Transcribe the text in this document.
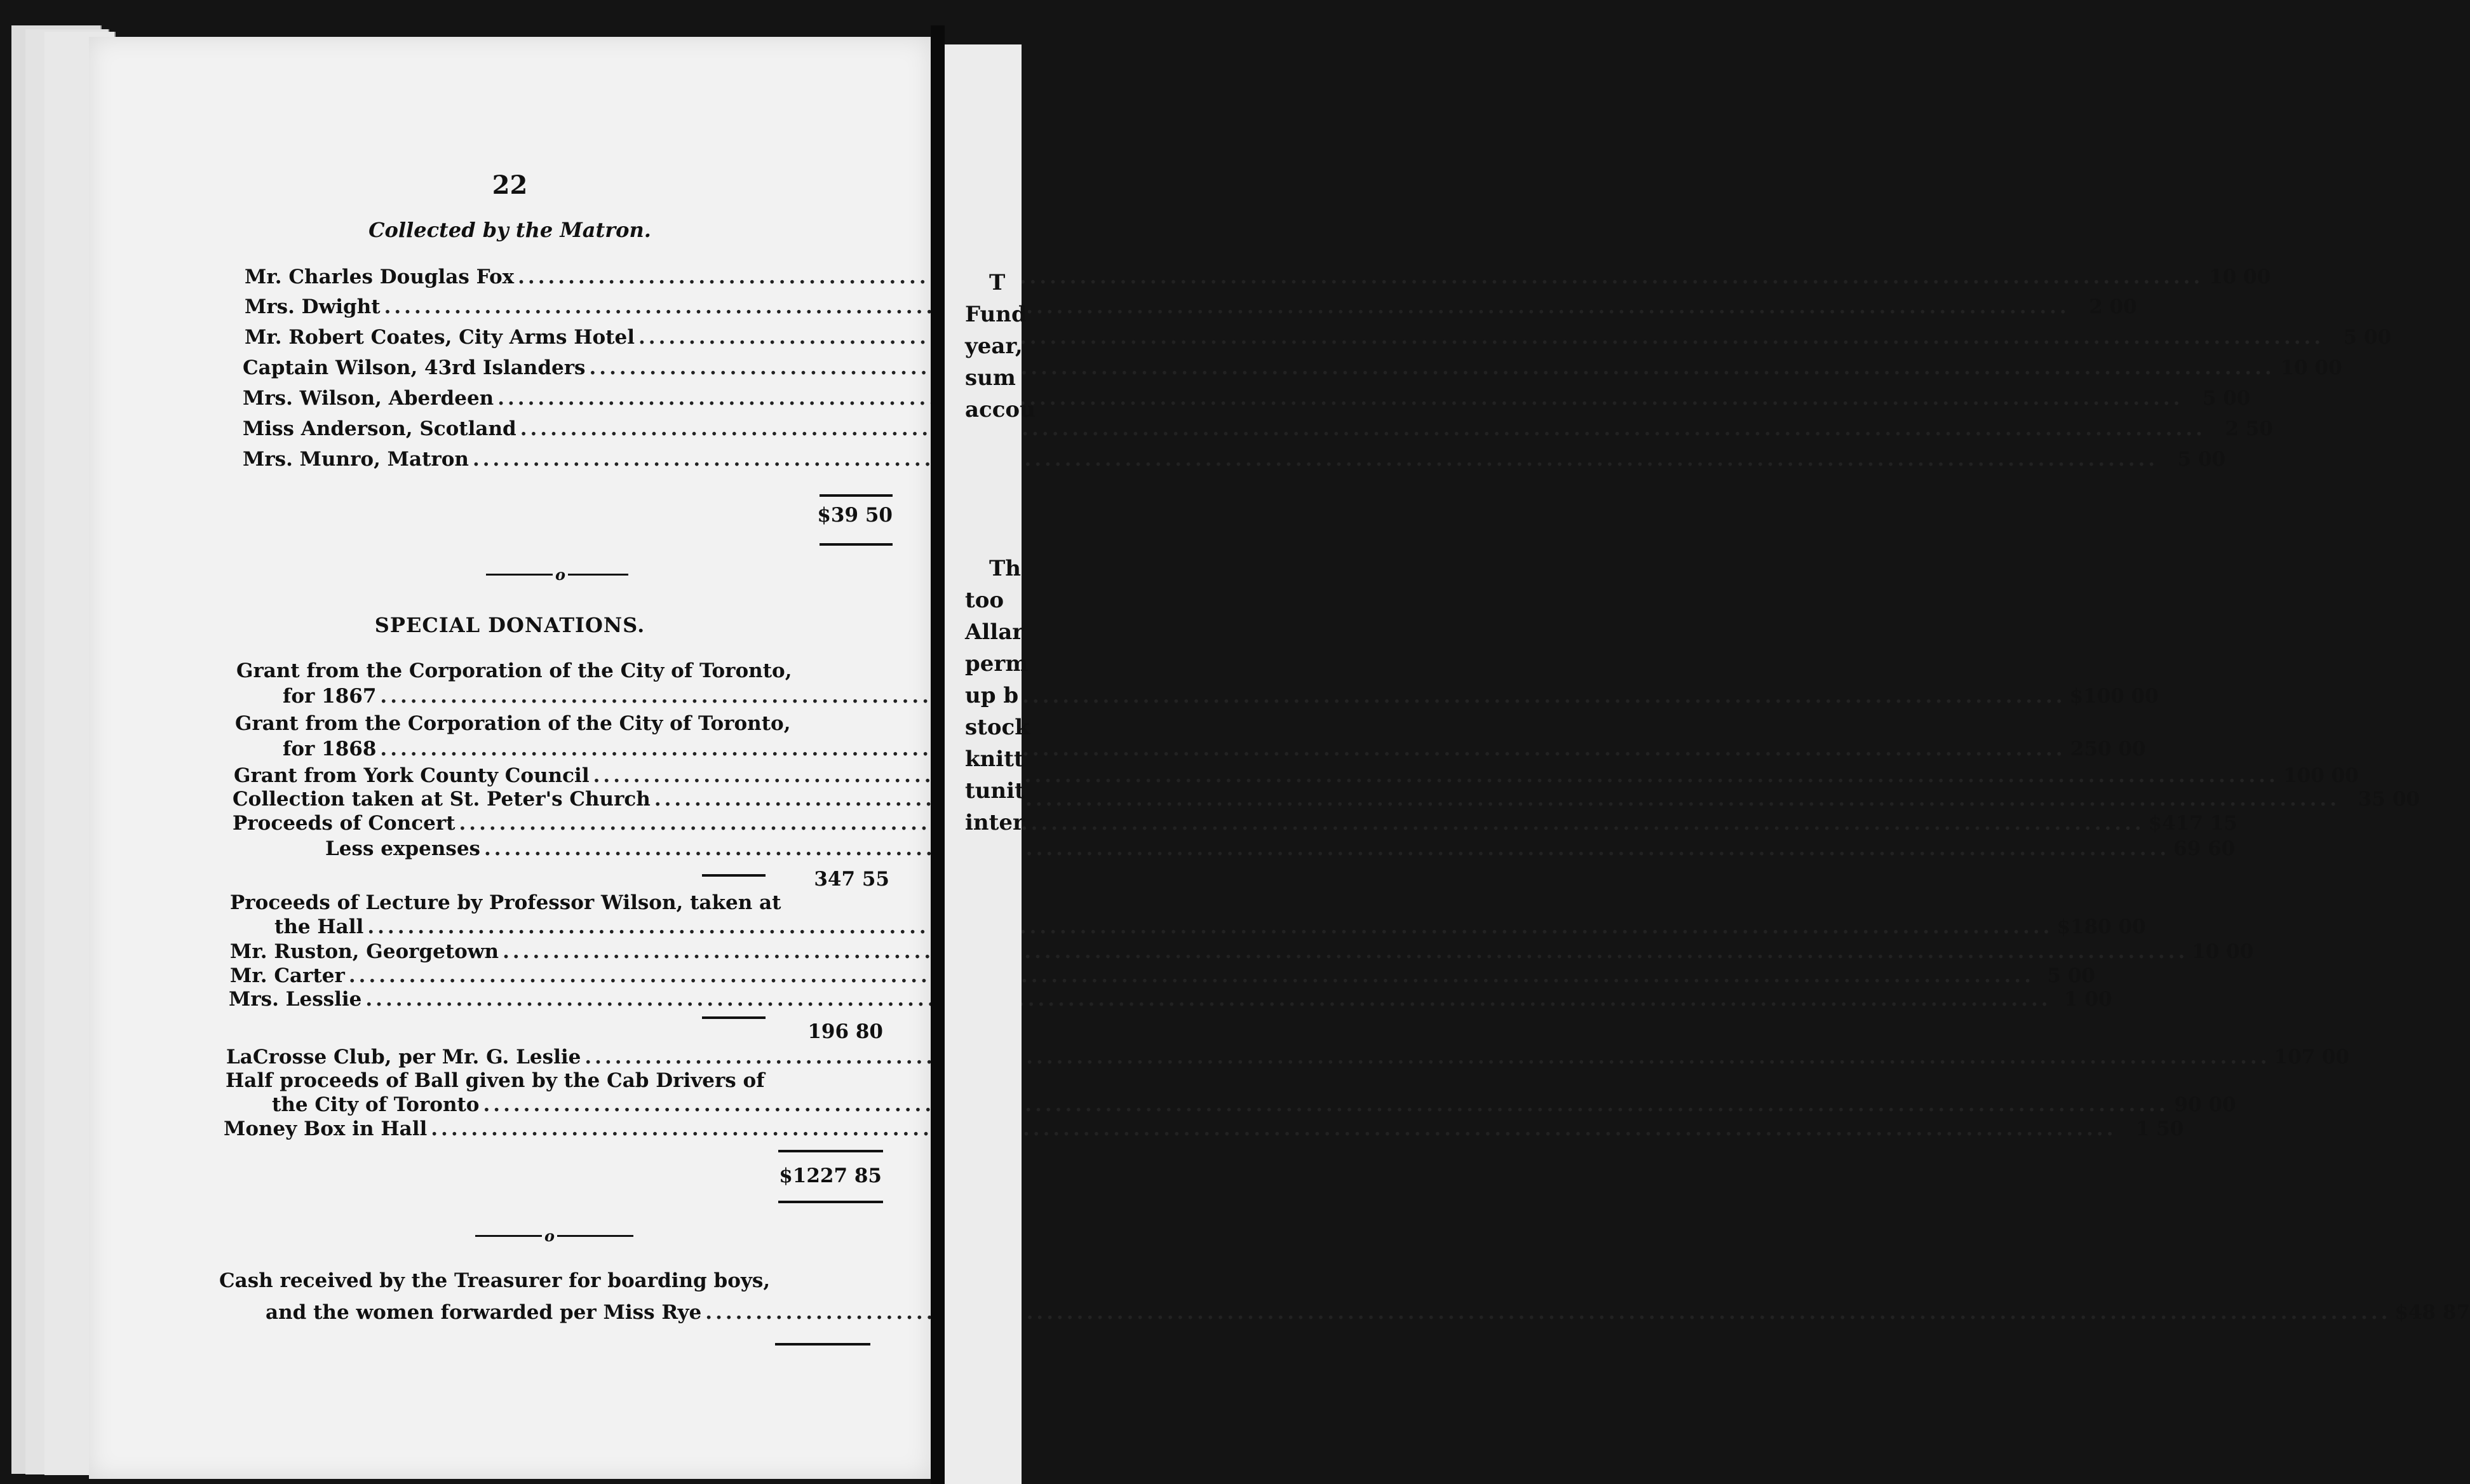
22
Collected by the Matron.
Mr. Charles Douglas Fox .....	10 00
Mrs. Dwight .....	2 00
Mr. Robert Coates, City Arms Hotel .....	5 00
Captain Wilson, 43rd Islanders .....	10 00
Mrs. Wilson, Aberdeen .....	5 00
Miss Anderson, Scotland .....	2 50
Mrs. Munro, Matron .....	5 00
$39 50
o
SPECIAL DONATIONS.
Grant from the Corporation of the City of Toronto,
for 1867 .....	$100 00
Grant from the Corporation of the City of Toronto,
for 1868 .....	250 00
Grant from York County Council .....	100 00
Collection taken at St. Peter's Church .....	35 00
Proceeds of Concert .....	$417 15
Less expenses .....	69 60
347 55
Proceeds of Lecture by Professor Wilson, taken at
the Hall .....	$180 00
Mr. Ruston, Georgetown .....	10 00
Mr. Carter .....	5 00
Mrs. Lesslie .....	1 00
196 80
LaCrosse Club, per Mr. G. Leslie .....	107 00
Half proceeds of Ball given by the Cab Drivers of
the City of Toronto .....	90 00
Money Box in Hall .....	1 50
$1227 85
o
Cash received by the Treasurer for boarding boys,
and the women forwarded per Miss Rye .....	$48 87
T
Fund
year,
sum
accou
Th
too
Allar
perm
up b
stock
knitt
tunit
inter
